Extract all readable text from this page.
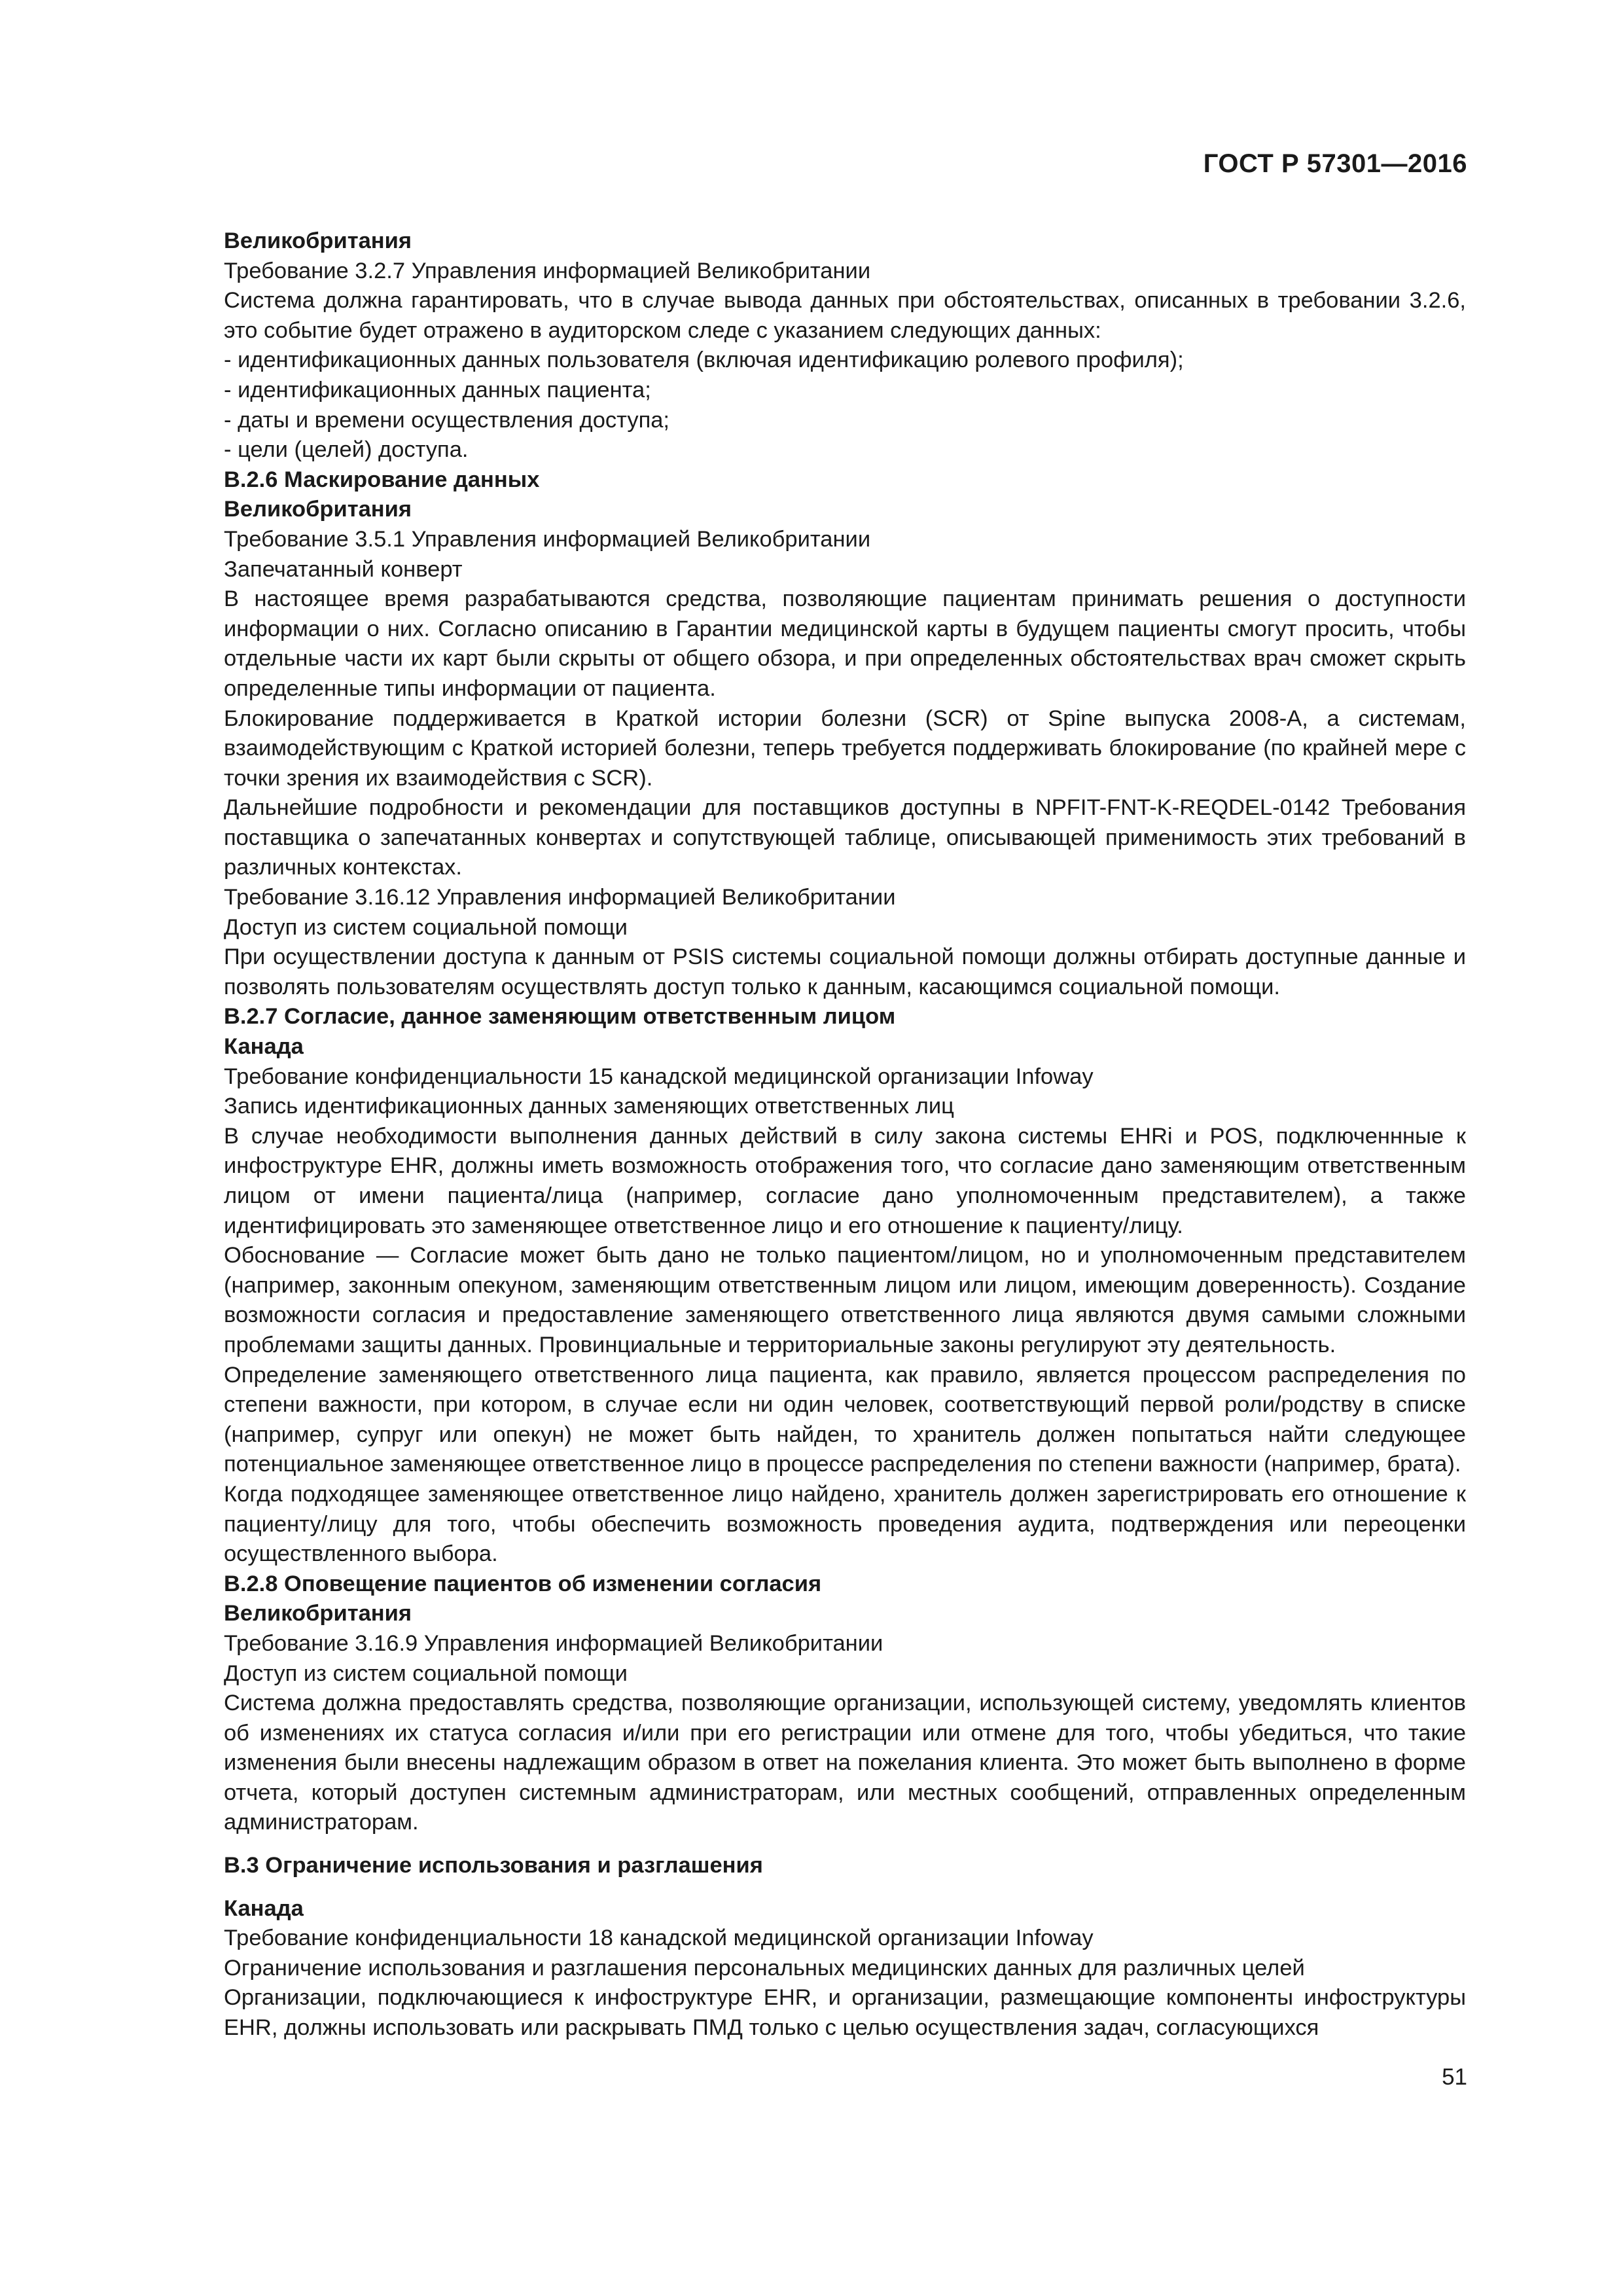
ГОСТ Р 57301—2016

Великобритания

Требование 3.2.7 Управления информацией Великобритании

Система должна гарантировать, что в случае вывода данных при обстоятельствах, описанных в требовании 3.2.6, это событие будет отражено в аудиторском следе с указанием следующих данных:

- идентификационных данных пользователя (включая идентификацию ролевого профиля);

- идентификационных данных пациента;

- даты и времени осуществления доступа;

- цели (целей) доступа.

В.2.6 Маскирование данных

Великобритания

Требование 3.5.1 Управления информацией Великобритании

Запечатанный конверт

В настоящее время разрабатываются средства, позволяющие пациентам принимать решения о доступности информации о них. Согласно описанию в Гарантии медицинской карты в будущем пациенты смогут просить, чтобы отдельные части их карт были скрыты от общего обзора, и при определенных обстоятельствах врач сможет скрыть определенные типы информации от пациента.

Блокирование поддерживается в Краткой истории болезни (SCR) от Spine выпуска 2008-А, а системам, взаимодействующим с Краткой историей болезни, теперь требуется поддерживать блокирование (по крайней мере с точки зрения их взаимодействия с SCR).

Дальнейшие подробности и рекомендации для поставщиков доступны в NPFIT-FNT-K-REQDEL-0142 Требования поставщика о запечатанных конвертах и сопутствующей таблице, описывающей применимость этих требований в различных контекстах.

Требование 3.16.12 Управления информацией Великобритании

Доступ из систем социальной помощи

При осуществлении доступа к данным от PSIS системы социальной помощи должны отбирать доступные данные и позволять пользователям осуществлять доступ только к данным, касающимся социальной помощи.

В.2.7 Согласие, данное заменяющим ответственным лицом

Канада

Требование конфиденциальности 15 канадской медицинской организации Infoway

Запись идентификационных данных заменяющих ответственных лиц

В случае необходимости выполнения данных действий в силу закона системы EHRi и POS, подключеннные к инфоструктуре EHR, должны иметь возможность отображения того, что согласие дано заменяющим ответственным лицом от имени пациента/лица (например, согласие дано уполномоченным представителем), а также идентифицировать это заменяющее ответственное лицо и его отношение к пациенту/лицу.

Обоснование — Согласие может быть дано не только пациентом/лицом, но и уполномоченным представителем (например, законным опекуном, заменяющим ответственным лицом или лицом, имеющим доверенность). Создание возможности согласия и предоставление заменяющего ответственного лица являются двумя самыми сложными проблемами защиты данных. Провинциальные и территориальные законы регулируют эту деятельность.

Определение заменяющего ответственного лица пациента, как правило, является процессом распределения по степени важности, при котором, в случае если ни один человек, соответствующий первой роли/родству в списке (например, супруг или опекун) не может быть найден, то хранитель должен попытаться найти следующее потенциальное заменяющее ответственное лицо в процессе распределения по степени важности (например, брата).

Когда подходящее заменяющее ответственное лицо найдено, хранитель должен зарегистрировать его отношение к пациенту/лицу для того, чтобы обеспечить возможность проведения аудита, подтверждения или переоценки осуществленного выбора.

В.2.8 Оповещение пациентов об изменении согласия

Великобритания

Требование 3.16.9 Управления информацией Великобритании

Доступ из систем социальной помощи

Система должна предоставлять средства, позволяющие организации, использующей систему, уведомлять клиентов об изменениях их статуса согласия и/или при его регистрации или отмене для того, чтобы убедиться, что такие изменения были внесены надлежащим образом в ответ на пожелания клиента. Это может быть выполнено в форме отчета, который доступен системным администраторам, или местных сообщений, отправленных определенным администраторам.

В.3 Ограничение использования и разглашения

Канада

Требование конфиденциальности 18 канадской медицинской организации Infoway

Ограничение использования и разглашения персональных медицинских данных для различных целей

Организации, подключающиеся к инфоструктуре EHR, и организации, размещающие компоненты инфоструктуры EHR, должны использовать или раскрывать ПМД только с целью осуществления задач, согласующихся

51
